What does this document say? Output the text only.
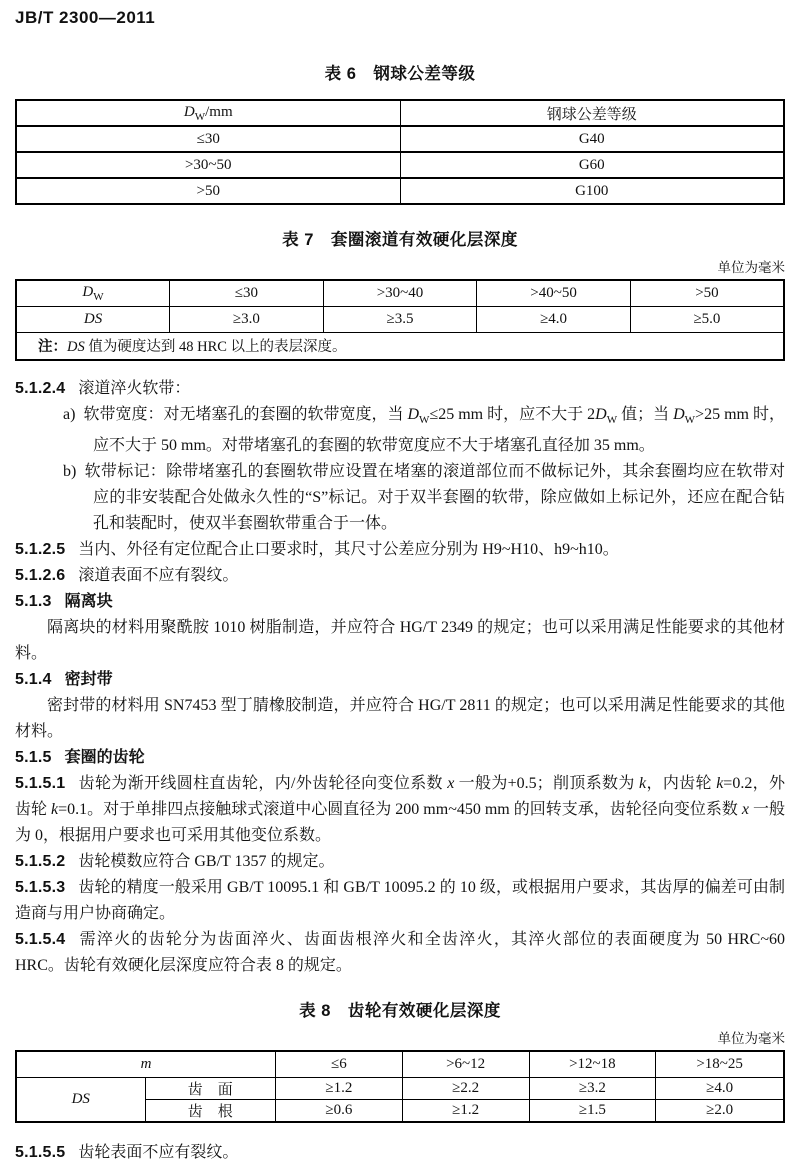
JB/T 2300—2011
表 6　钢球公差等级
$D_W/mm$	钢球公差等级
≤30	G40
>30~50	G60
>50	G100
表 7　套圈滚道有效硬化层深度
单位为毫米
$D_W$	≤30	>30~40	>40~50	>50
DS	≥3.0	≥3.5	≥4.0	≥5.0
注：DS 值为硬度达到 48 HRC 以上的表层深度。				

5.1.2.4 滚道淬火软带：

a) 软带宽度：对无堵塞孔的套圈的软带宽度，当 $D_W\le 25$ mm 时，应不大于 $2D_W$ 值；当 $D_W>25$ mm 时，应不大于 50 mm。对带堵塞孔的套圈的软带宽度应不大于堵塞孔直径加 35 mm。

b) 软带标记：除带堵塞孔的套圈软带应设置在堵塞的滚道部位而不做标记外，其余套圈均应在软带对应的非安装配合处做永久性的“S”标记。对于双半套圈的软带，除应做如上标记外，还应在配合钻孔和装配时，使双半套圈软带重合于一体。

5.1.2.5 当内、外径有定位配合止口要求时，其尺寸公差应分别为 H9~H10、h9~h10。

5.1.2.6 滚道表面不应有裂纹。

5.1.3 隔离块

隔离块的材料用聚酰胺 1010 树脂制造，并应符合 HG/T 2349 的规定；也可以采用满足性能要求的其他材料。

5.1.4 密封带

密封带的材料用 SN7453 型丁腈橡胶制造，并应符合 HG/T 2811 的规定；也可以采用满足性能要求的其他材料。

5.1.5 套圈的齿轮

5.1.5.1 齿轮为渐开线圆柱直齿轮，内/外齿轮径向变位系数 x 一般为+0.5；削顶系数为 k，内齿轮 k=0.2，外齿轮 k=0.1。对于单排四点接触球式滚道中心圆直径为 200 mm~450 mm 的回转支承，齿轮径向变位系数 x 一般为 0，根据用户要求也可采用其他变位系数。

5.1.5.2 齿轮模数应符合 GB/T 1357 的规定。

5.1.5.3 齿轮的精度一般采用 GB/T 10095.1 和 GB/T 10095.2 的 10 级，或根据用户要求，其齿厚的偏差可由制造商与用户协商确定。

5.1.5.4 需淬火的齿轮分为齿面淬火、齿面齿根淬火和全齿淬火，其淬火部位的表面硬度为 50 HRC~60 HRC。齿轮有效硬化层深度应符合表 8 的规定。

表 8　齿轮有效硬化层深度
单位为毫米
m		≤6	>6~12	>12~18	>18~25
DS	齿　面	≥1.2	≥2.2	≥3.2	≥4.0
	齿　根	≥0.6	≥1.2	≥1.5	≥2.0

5.1.5.5 齿轮表面不应有裂纹。
